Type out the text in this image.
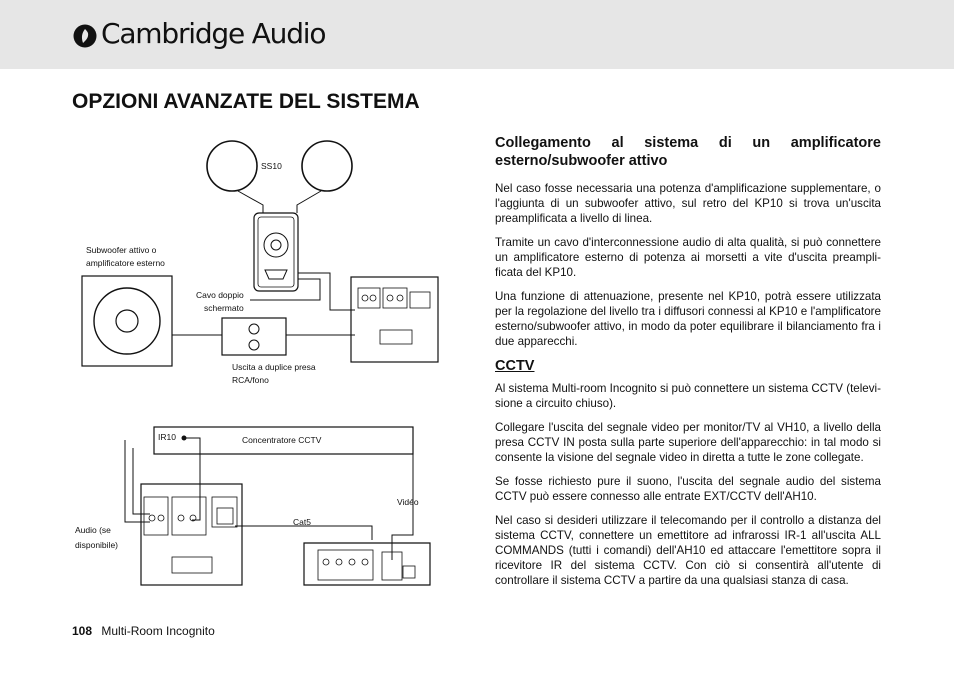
Cambridge Audio
OPZIONI AVANZATE DEL SISTEMA
SS10
Subwoofer attivo o
amplificatore esterno
Cavo doppio
schermato
Uscita a duplice presa
RCA/fono
IR10	Concentratore CCTV
Vidéo
Cat5
Audio (se
disponibile)
Collegamento al sistema di un amplificatore
esterno/subwoofer attivo

Nel caso fosse necessaria una potenza d'amplificazione supplementare, o l'aggiunta di un subwoofer attivo, sul retro del KP10 si trova un'uscita preamplificata a livello di linea.

Tramite un cavo d'interconnessione audio di alta qualità, si può connettere un amplificatore esterno di potenza ai morsetti a vite d'uscita preampli-ficata del KP10.

Una funzione di attenuazione, presente nel KP10, potrà essere utilizzata per la regolazione del livello tra i diffusori connessi al KP10 e l'amplificatore esterno/subwoofer attivo, in modo da poter equilibrare il bilanciamento fra i due apparecchi.

CCTV

Al sistema Multi-room Incognito si può connettere un sistema CCTV (televi-sione a circuito chiuso).

Collegare l'uscita del segnale video per monitor/TV al VH10, a livello della presa CCTV IN posta sulla parte superiore dell'apparecchio: in tal modo si consente la visione del segnale video in diretta a tutte le zone collegate.

Se fosse richiesto pure il suono, l'uscita del segnale audio del sistema CCTV può essere connesso alle entrate EXT/CCTV dell'AH10.

Nel caso si desideri utilizzare il telecomando per il controllo a distanza del sistema CCTV, connettere un emettitore ad infrarossi IR-1 all'uscita ALL COMMANDS (tutti i comandi) dell'AH10 ed attaccare l'emettitore sopra il ricevitore IR del sistema CCTV. Con ciò si consentirà all'utente di controllare il sistema CCTV a partire da una qualsiasi stanza di casa.

108 Multi-Room Incognito
